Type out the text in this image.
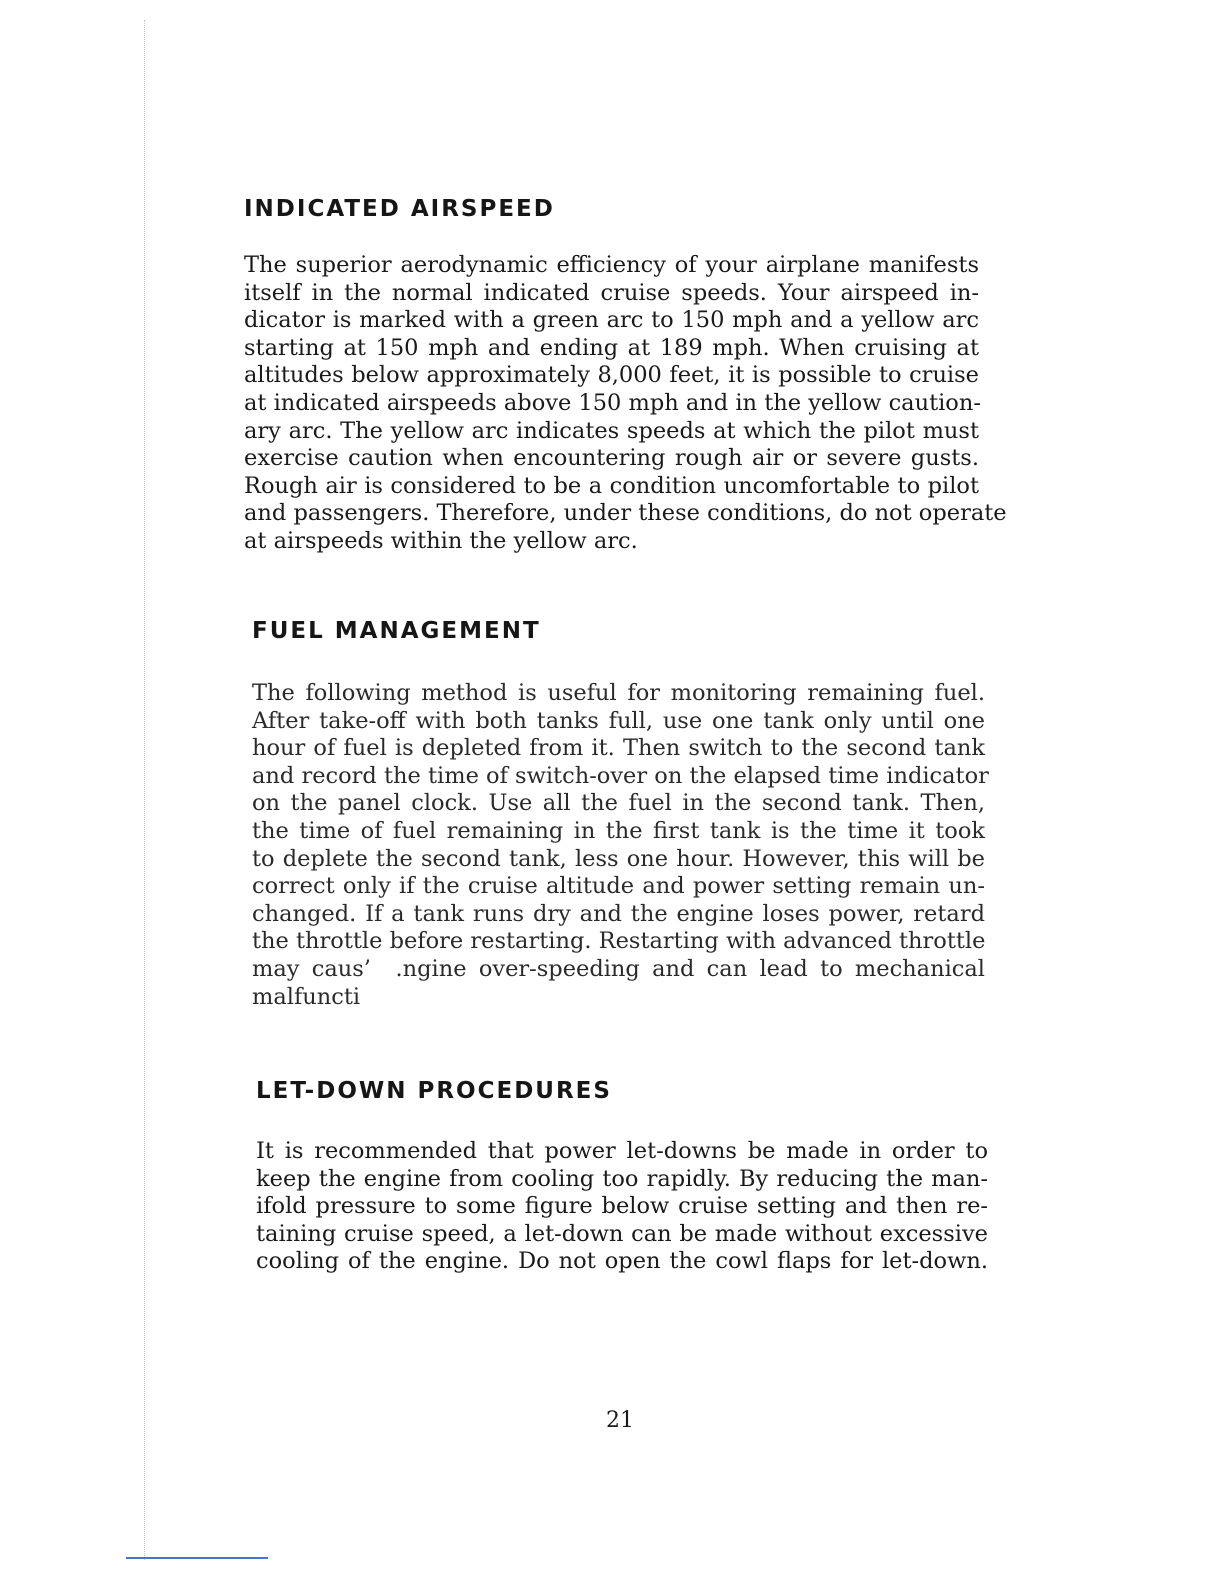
INDICATED AIRSPEED

The superior aerodynamic efficiency of your airplane manifests
itself in the normal indicated cruise speeds. Your airspeed in-
dicator is marked with a green arc to 150 mph and a yellow arc
starting at 150 mph and ending at 189 mph. When cruising at
altitudes below approximately 8,000 feet, it is possible to cruise
at indicated airspeeds above 150 mph and in the yellow caution-
ary arc. The yellow arc indicates speeds at which the pilot must
exercise caution when encountering rough air or severe gusts.
Rough air is considered to be a condition uncomfortable to pilot
and passengers. Therefore, under these conditions, do not operate
at airspeeds within the yellow arc.

FUEL MANAGEMENT

The following method is useful for monitoring remaining fuel.
After take-off with both tanks full, use one tank only until one
hour of fuel is depleted from it. Then switch to the second tank
and record the time of switch-over on the elapsed time indicator
on the panel clock. Use all the fuel in the second tank. Then,
the time of fuel remaining in the first tank is the time it took
to deplete the second tank, less one hour. However, this will be
correct only if the cruise altitude and power setting remain un-
changed. If a tank runs dry and the engine loses power, retard
the throttle before restarting. Restarting with advanced throttle
may caus’  .ngine over-speeding and can lead to mechanical
malfuncti

LET-DOWN PROCEDURES

It is recommended that power let-downs be made in order to
keep the engine from cooling too rapidly. By reducing the man-
ifold pressure to some figure below cruise setting and then re-
taining cruise speed, a let-down can be madе without excessive
cooling of the engine. Do not open the cowl flaps for let-down.

21
